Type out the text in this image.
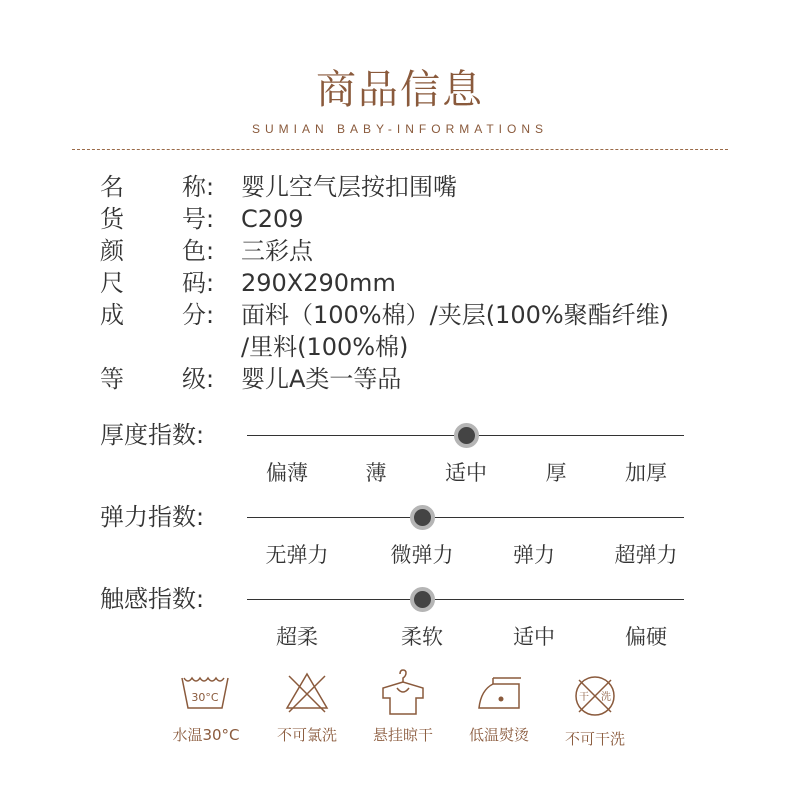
商品信息
SUMIAN BABY-INFORMATIONS
名 称: 婴儿空气层按扣围嘴
货 号: C209
颜 色: 三彩点
尺 码: 290X290mm
成 分: 面料（100%棉）/夹层(100%聚酯纤维)
/里料(100%棉)
等 级: 婴儿A类一等品
厚度指数:
偏薄	薄	适中	厚	加厚
弹力指数:
无弹力	微弹力	弹力	超弹力
触感指数:
超柔	柔软	适中	偏硬
30°C
水温30°C	不可氯洗	悬挂晾干	低温熨烫
干 洗
不可干洗
